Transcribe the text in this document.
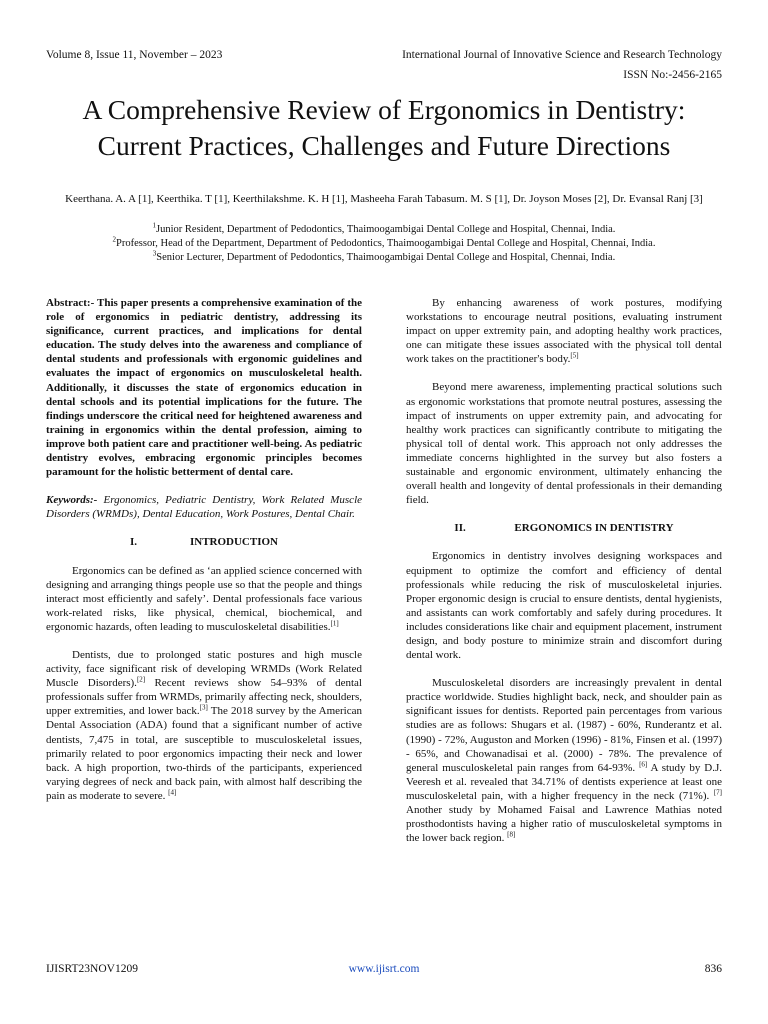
Volume 8, Issue 11, November – 2023	International Journal of Innovative Science and Research Technology
ISSN No:-2456-2165
A Comprehensive Review of Ergonomics in Dentistry:
Current Practices, Challenges and Future Directions
Keerthana. A. A [1], Keerthika. T [1], Keerthilakshme. K. H [1], Masheeha Farah Tabasum. M. S [1], Dr. Joyson Moses [2], Dr. Evansal Ranj [3]
$^1$Junior Resident, Department of Pedodontics, Thaimoogambigai Dental College and Hospital, Chennai, India.
$^2$Professor, Head of the Department, Department of Pedodontics, Thaimoogambigai Dental College and Hospital, Chennai, India.
$^3$Senior Lecturer, Department of Pedodontics, Thaimoogambigai Dental College and Hospital, Chennai, India.

Abstract:- This paper presents a comprehensive examination of the role of ergonomics in pediatric dentistry, addressing its significance, current practices, and implications for dental education. The study delves into the awareness and compliance of dental students and professionals with ergonomic guidelines and evaluates the impact of ergonomics on musculoskeletal health. Additionally, it discusses the state of ergonomics education in dental schools and its potential implications for the future. The findings underscore the critical need for heightened awareness and training in ergonomics within the dental profession, aiming to improve both patient care and practitioner well-being. As pediatric dentistry evolves, embracing ergonomic principles becomes paramount for the holistic betterment of dental care.

Keywords:- Ergonomics, Pediatric Dentistry, Work Related Muscle Disorders (WRMDs), Dental Education, Work Postures, Dental Chair.

I.	INTRODUCTION

Ergonomics can be defined as ‘an applied science concerned with designing and arranging things people use so that the people and things interact most efficiently and safely’. Dental professionals face various work-related risks, like physical, chemical, biochemical, and ergonomic hazards, often leading to musculoskeletal disabilities.[1]

Dentists, due to prolonged static postures and high muscle activity, face significant risk of developing WRMDs (Work Related Muscle Disorders).[2] Recent reviews show 54–93% of dental professionals suffer from WRMDs, primarily affecting neck, shoulders, upper extremities, and lower back.[3] The 2018 survey by the American Dental Association (ADA) found that a significant number of active dentists, 7,475 in total, are susceptible to musculoskeletal issues, primarily related to poor ergonomics impacting their neck and lower back. A high proportion, two-thirds of the participants, experienced varying degrees of neck and back pain, with almost half describing the pain as moderate to severe. [4]

By enhancing awareness of work postures, modifying workstations to encourage neutral positions, evaluating instrument impact on upper extremity pain, and adopting healthy work practices, one can mitigate these issues associated with the physical toll dental work takes on the practitioner's body.[5]

Beyond mere awareness, implementing practical solutions such as ergonomic workstations that promote neutral postures, assessing the impact of instruments on upper extremity pain, and advocating for healthy work practices can significantly contribute to mitigating the physical toll of dental work. This approach not only addresses the immediate concerns highlighted in the survey but also fosters a sustainable and ergonomic environment, ultimately enhancing the overall health and longevity of dental professionals in their demanding field.

II.	ERGONOMICS IN DENTISTRY

Ergonomics in dentistry involves designing workspaces and equipment to optimize the comfort and efficiency of dental professionals while reducing the risk of musculoskeletal injuries. Proper ergonomic design is crucial to ensure dentists, dental hygienists, and assistants can work comfortably and safely during procedures. It includes considerations like chair and equipment placement, instrument design, and body posture to minimize strain and discomfort during dental work.

Musculoskeletal disorders are increasingly prevalent in dental practice worldwide. Studies highlight back, neck, and shoulder pain as significant issues for dentists. Reported pain percentages from various studies are as follows: Shugars et al. (1987) - 60%, Runderantz et al. (1990) - 72%, Auguston and Morken (1996) - 81%, Finsen et al. (1997) - 65%, and Chowanadisai et al. (2000) - 78%. The prevalence of general musculoskeletal pain ranges from 64-93%. [6] A study by D.J. Veeresh et al. revealed that 34.71% of dentists experience at least one musculoskeletal pain, with a higher frequency in the neck (71%). [7] Another study by Mohamed Faisal and Lawrence Mathias noted prosthodontists having a higher ratio of musculoskeletal symptoms in the lower back region. [8]

IJISRT23NOV1209	www.ijisrt.com	836
